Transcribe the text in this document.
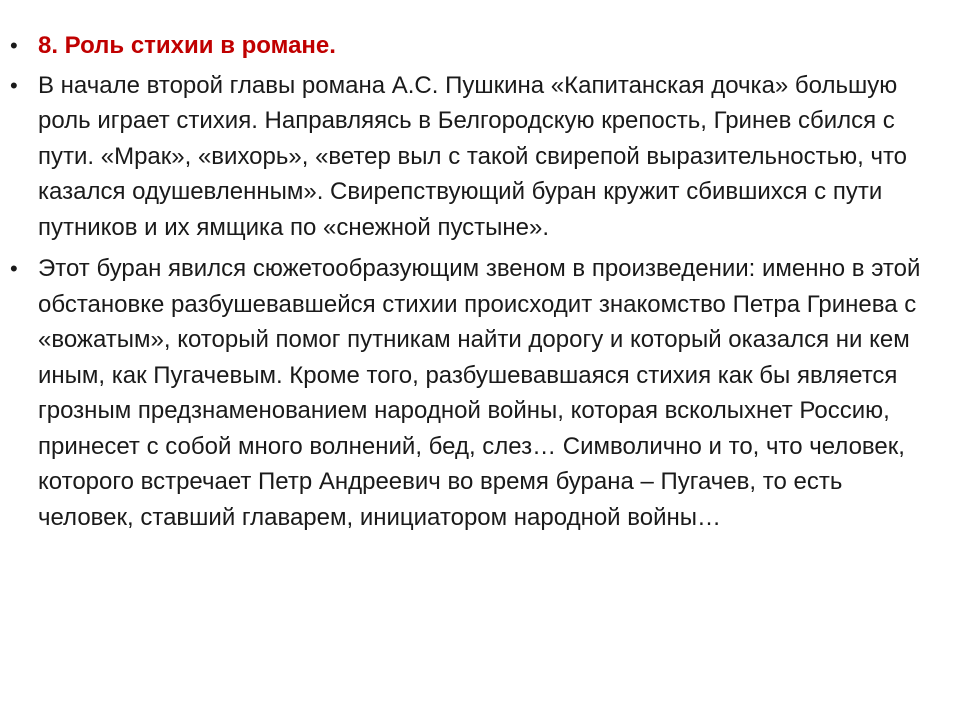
• 8. Роль стихии в романе.
• В начале второй главы романа А.С. Пушкина «Капитанская дочка» большую роль играет стихия. Направляясь в Белгородскую крепость, Гринев сбился с пути. «Мрак», «вихорь», «ветер выл с такой свирепой выразительностью, что казался одушевленным». Свирепствующий буран кружит сбившихся с пути путников и их ямщика по «снежной пустыне».
• Этот буран явился сюжетообразующим звеном в произведении: именно в этой обстановке разбушевавшейся стихии происходит знакомство Петра Гринева с «вожатым», который помог путникам найти дорогу и который оказался ни кем иным, как Пугачевым. Кроме того, разбушевавшаяся стихия как бы является грозным предзнаменованием народной войны, которая всколыхнет Россию, принесет с собой много волнений, бед, слез… Символично и то, что человек, которого встречает Петр Андреевич во время бурана – Пугачев, то есть человек, ставший главарем, инициатором народной войны…
